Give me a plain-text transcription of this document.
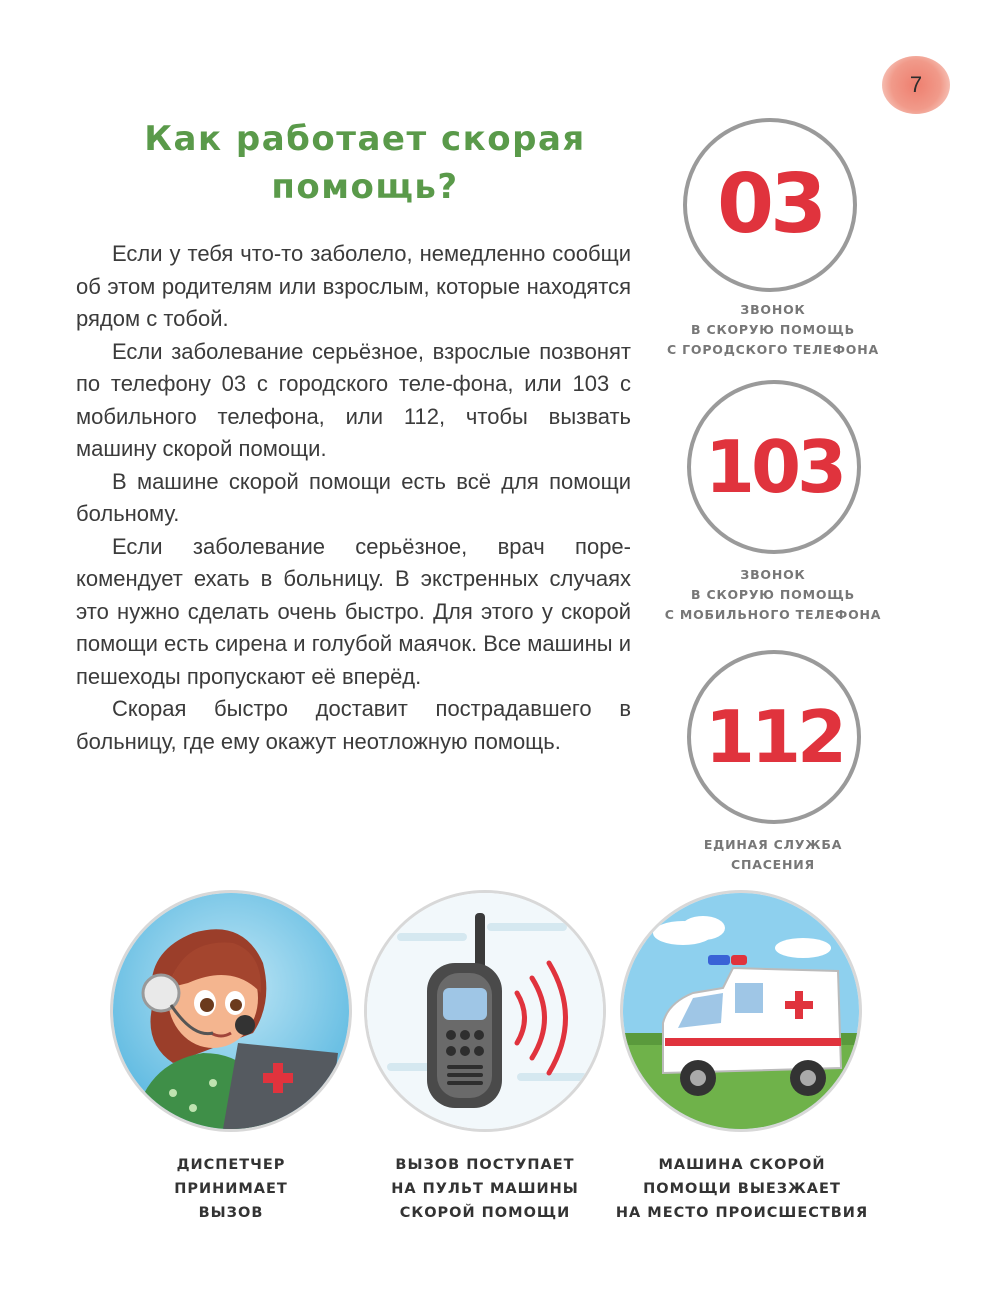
7
Как работает скорая
помощь?

Если у тебя что-то заболело, немедленно сообщи об этом родителям или взрослым, которые находятся рядом с тобой.

Если заболевание серьёзное, взрослые позвонят по телефону 03 с городского теле-фона, или 103 с мобильного телефона, или 112, чтобы вызвать машину скорой помощи.

В машине скорой помощи есть всё для помощи больному.

Если заболевание серьёзное, врач поре-комендует ехать в больницу. В экстренных случаях это нужно сделать очень быстро. Для этого у скорой помощи есть сирена и голубой маячок. Все машины и пешеходы пропускают её вперёд.

Скорая быстро доставит пострадавшего в больницу, где ему окажут неотложную помощь.

03
ЗВОНОК
В СКОРУЮ ПОМОЩЬ
С ГОРОДСКОГО ТЕЛЕФОНА
103
ЗВОНОК
В СКОРУЮ ПОМОЩЬ
С МОБИЛЬНОГО ТЕЛЕФОНА
112
ЕДИНАЯ СЛУЖБА
СПАСЕНИЯ
ДИСПЕТЧЕР
ПРИНИМАЕТ
ВЫЗОВ
ВЫЗОВ ПОСТУПАЕТ
НА ПУЛЬТ МАШИНЫ
СКОРОЙ ПОМОЩИ
МАШИНА СКОРОЙ
ПОМОЩИ ВЫЕЗЖАЕТ
НА МЕСТО ПРОИСШЕСТВИЯ
